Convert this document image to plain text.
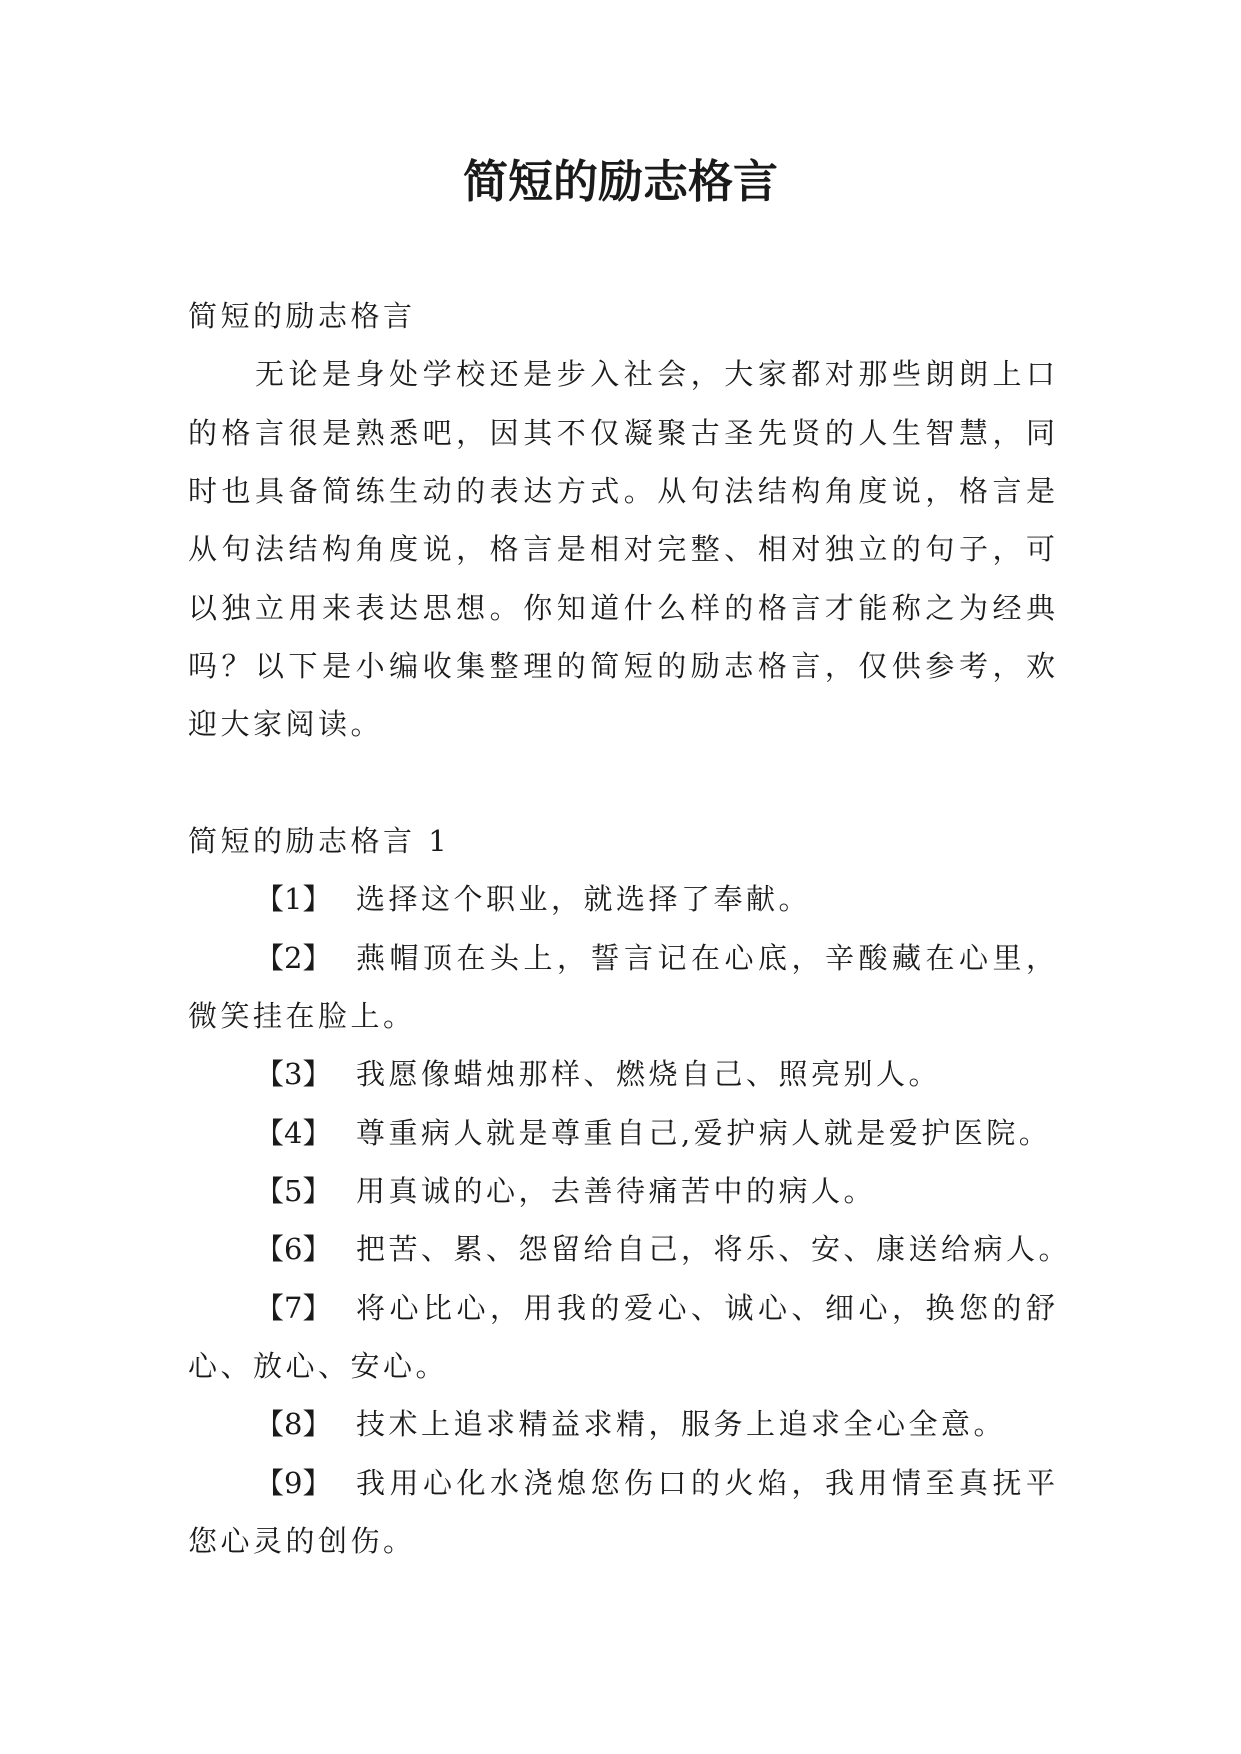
简短的励志格言
简短的励志格言
无论是身处学校还是步入社会，大家都对那些朗朗上口
的格言很是熟悉吧，因其不仅凝聚古圣先贤的人生智慧，同
时也具备简练生动的表达方式。从句法结构角度说，格言是
从句法结构角度说，格言是相对完整、相对独立的句子，可
以独立用来表达思想。你知道什么样的格言才能称之为经典
吗？以下是小编收集整理的简短的励志格言，仅供参考，欢
迎大家阅读。
简短的励志格言 1
【1】 选择这个职业，就选择了奉献。
【2】 燕帽顶在头上，誓言记在心底，辛酸藏在心里，
微笑挂在脸上。
【3】 我愿像蜡烛那样、燃烧自己、照亮别人。
【4】 尊重病人就是尊重自己,爱护病人就是爱护医院。
【5】 用真诚的心，去善待痛苦中的病人。
【6】 把苦、累、怨留给自己，将乐、安、康送给病人。
【7】 将心比心，用我的爱心、诚心、细心，换您的舒
心、放心、安心。
【8】 技术上追求精益求精，服务上追求全心全意。
【9】 我用心化水浇熄您伤口的火焰，我用情至真抚平
您心灵的创伤。
